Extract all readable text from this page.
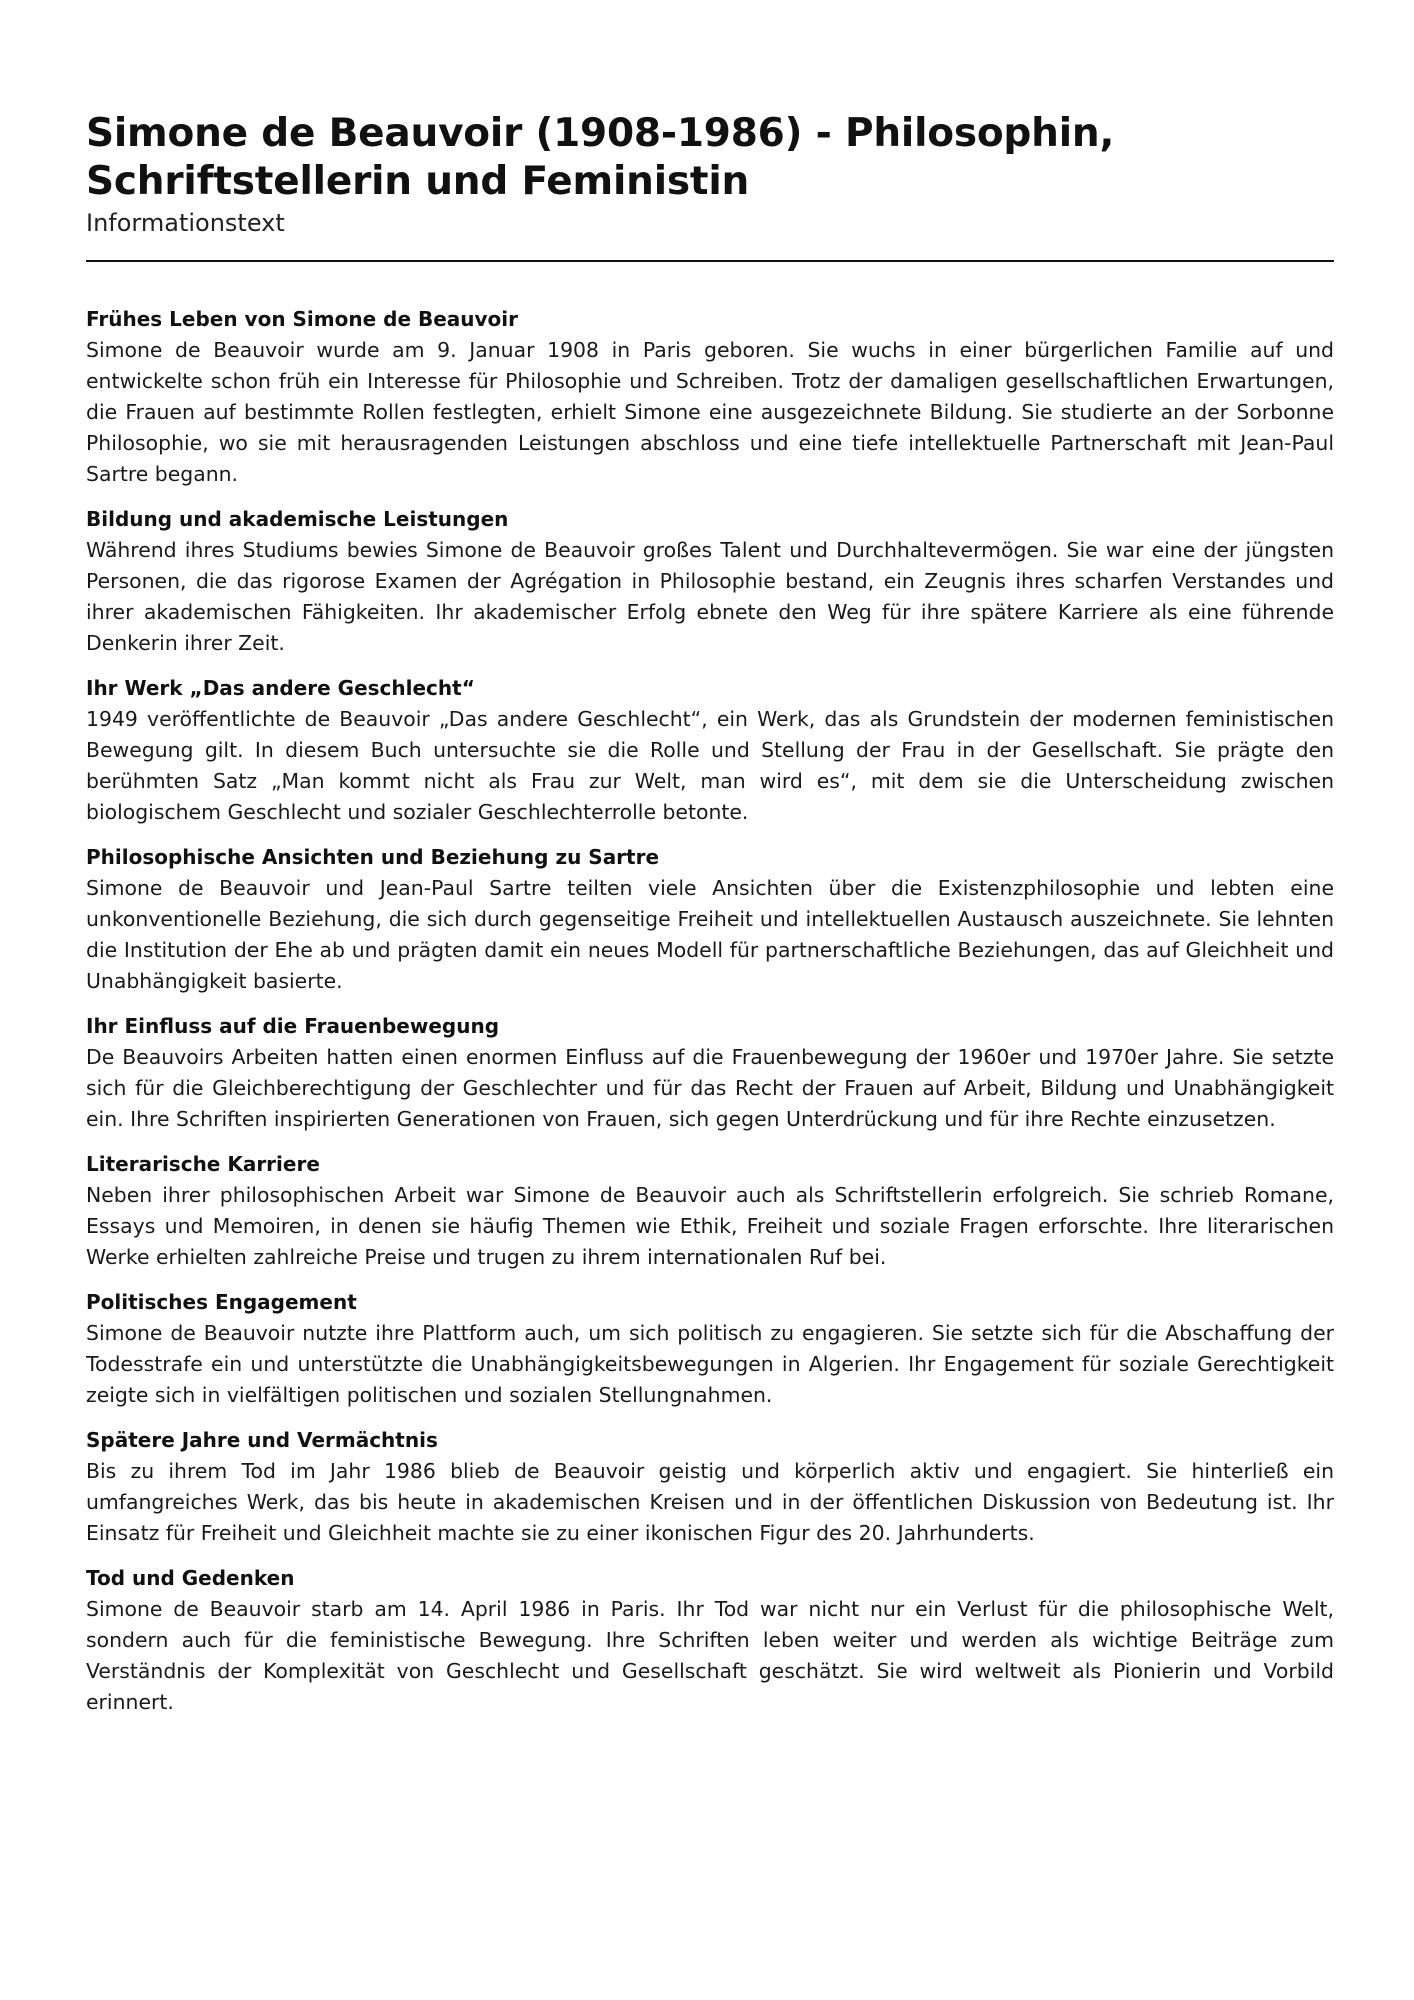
Simone de Beauvoir (1908-1986) - Philosophin,
Schriftstellerin und Feministin

Informationstext

Frühes Leben von Simone de Beauvoir

Simone de Beauvoir wurde am 9. Januar 1908 in Paris geboren. Sie wuchs in einer bürgerlichen Familie auf und entwickelte schon früh ein Interesse für Philosophie und Schreiben. Trotz der damaligen gesellschaftlichen Erwartungen, die Frauen auf bestimmte Rollen festlegten, erhielt Simone eine ausgezeichnete Bildung. Sie studierte an der Sorbonne Philosophie, wo sie mit herausragenden Leistungen abschloss und eine tiefe intellektuelle Partnerschaft mit Jean-Paul Sartre begann.

Bildung und akademische Leistungen

Während ihres Studiums bewies Simone de Beauvoir großes Talent und Durchhaltevermögen. Sie war eine der jüngsten Personen, die das rigorose Examen der Agrégation in Philosophie bestand, ein Zeugnis ihres scharfen Verstandes und ihrer akademischen Fähigkeiten. Ihr akademischer Erfolg ebnete den Weg für ihre spätere Karriere als eine führende Denkerin ihrer Zeit.

Ihr Werk „Das andere Geschlecht“

1949 veröffentlichte de Beauvoir „Das andere Geschlecht“, ein Werk, das als Grundstein der modernen feministischen Bewegung gilt. In diesem Buch untersuchte sie die Rolle und Stellung der Frau in der Gesellschaft. Sie prägte den berühmten Satz „Man kommt nicht als Frau zur Welt, man wird es“, mit dem sie die Unterscheidung zwischen biologischem Geschlecht und sozialer Geschlechterrolle betonte.

Philosophische Ansichten und Beziehung zu Sartre

Simone de Beauvoir und Jean-Paul Sartre teilten viele Ansichten über die Existenzphilosophie und lebten eine unkonventionelle Beziehung, die sich durch gegenseitige Freiheit und intellektuellen Austausch auszeichnete. Sie lehnten die Institution der Ehe ab und prägten damit ein neues Modell für partnerschaftliche Beziehungen, das auf Gleichheit und Unabhängigkeit basierte.

Ihr Einfluss auf die Frauenbewegung

De Beauvoirs Arbeiten hatten einen enormen Einfluss auf die Frauenbewegung der 1960er und 1970er Jahre. Sie setzte sich für die Gleichberechtigung der Geschlechter und für das Recht der Frauen auf Arbeit, Bildung und Unabhängigkeit ein. Ihre Schriften inspirierten Generationen von Frauen, sich gegen Unterdrückung und für ihre Rechte einzusetzen.

Literarische Karriere

Neben ihrer philosophischen Arbeit war Simone de Beauvoir auch als Schriftstellerin erfolgreich. Sie schrieb Romane, Essays und Memoiren, in denen sie häufig Themen wie Ethik, Freiheit und soziale Fragen erforschte. Ihre literarischen Werke erhielten zahlreiche Preise und trugen zu ihrem internationalen Ruf bei.

Politisches Engagement

Simone de Beauvoir nutzte ihre Plattform auch, um sich politisch zu engagieren. Sie setzte sich für die Abschaffung der Todesstrafe ein und unterstützte die Unabhängigkeitsbewegungen in Algerien. Ihr Engagement für soziale Gerechtigkeit zeigte sich in vielfältigen politischen und sozialen Stellungnahmen.

Spätere Jahre und Vermächtnis

Bis zu ihrem Tod im Jahr 1986 blieb de Beauvoir geistig und körperlich aktiv und engagiert. Sie hinterließ ein umfangreiches Werk, das bis heute in akademischen Kreisen und in der öffentlichen Diskussion von Bedeutung ist. Ihr Einsatz für Freiheit und Gleichheit machte sie zu einer ikonischen Figur des 20. Jahrhunderts.

Tod und Gedenken

Simone de Beauvoir starb am 14. April 1986 in Paris. Ihr Tod war nicht nur ein Verlust für die philosophische Welt, sondern auch für die feministische Bewegung. Ihre Schriften leben weiter und werden als wichtige Beiträge zum Verständnis der Komplexität von Geschlecht und Gesellschaft geschätzt. Sie wird weltweit als Pionierin und Vorbild erinnert.
